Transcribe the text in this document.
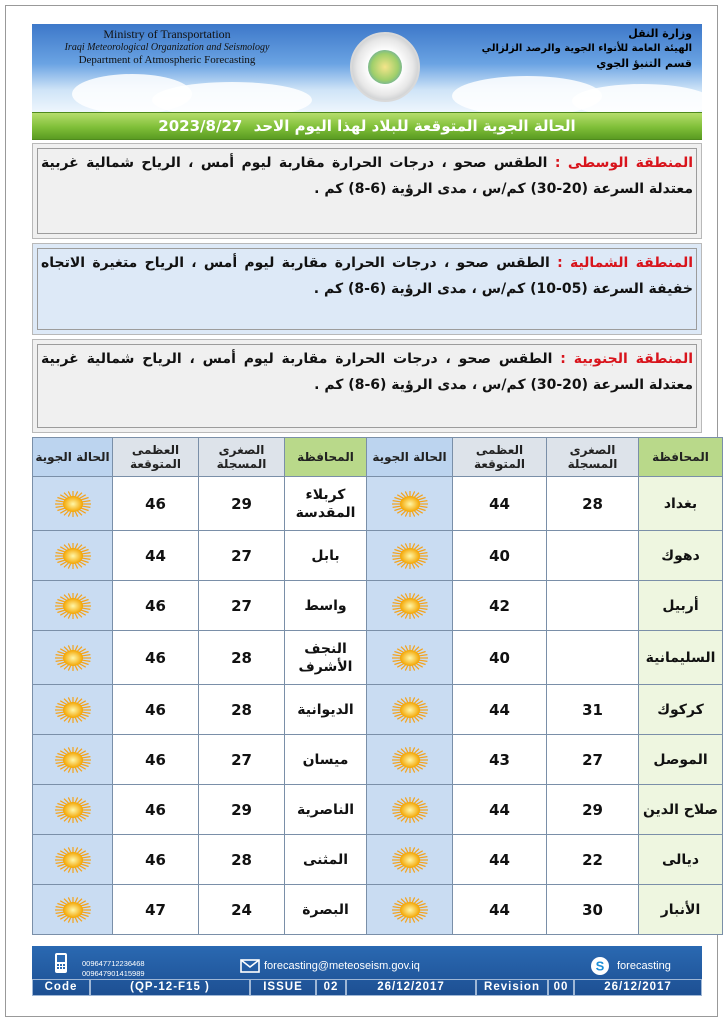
Ministry of Transportation
Iraqi Meteorological Organization and Seismology
Department of Atmospheric Forecasting
وزارة النقل
الهيئة العامة للأنواء الجوية والرصد الزلزالي
قسم التنبؤ الجوي
الحالة الجوية المتوقعة للبلاد لهذا اليوم الاحد 2023/8/27
المنطقة الوسطى : الطقس صحو ، درجات الحرارة مقاربة ليوم أمس ، الرياح شمالية غربية معتدلة السرعة (20-30) كم/س ، مدى الرؤية (6-8) كم .
المنطقة الشمالية : الطقس صحو ، درجات الحرارة مقاربة ليوم أمس ، الرياح متغيرة الاتجاه خفيفة السرعة (05-10) كم/س ، مدى الرؤية (6-8) كم .
المنطقة الجنوبية : الطقس صحو ، درجات الحرارة مقاربة ليوم أمس ، الرياح شمالية غربية معتدلة السرعة (20-30) كم/س ، مدى الرؤية (6-8) كم .
المحافظة	الصغرى المسجلة	العظمى المتوقعة	الحالة الجوية	المحافظة	الصغرى المسجلة	العظمى المتوقعة	الحالة الجوية
بغداد	28	44		كربلاء المقدسة	29	46	
دهوك		40		بابل	27	44	
أربيل		42		واسط	27	46	
السليمانية		40		النجف الأشرف	28	46	
كركوك	31	44		الديوانية	28	46	
الموصل	27	43		ميسان	27	46	
صلاح الدين	29	44		الناصرية	29	46	
ديالى	22	44		المثنى	28	46	
الأنبار	30	44		البصرة	24	47	
009647712236468
009647901415989
forecasting@meteoseism.gov.iq	S forecasting
Code	(QP-12-F15 )	ISSUE	02	26/12/2017	Revision	00	26/12/2017
